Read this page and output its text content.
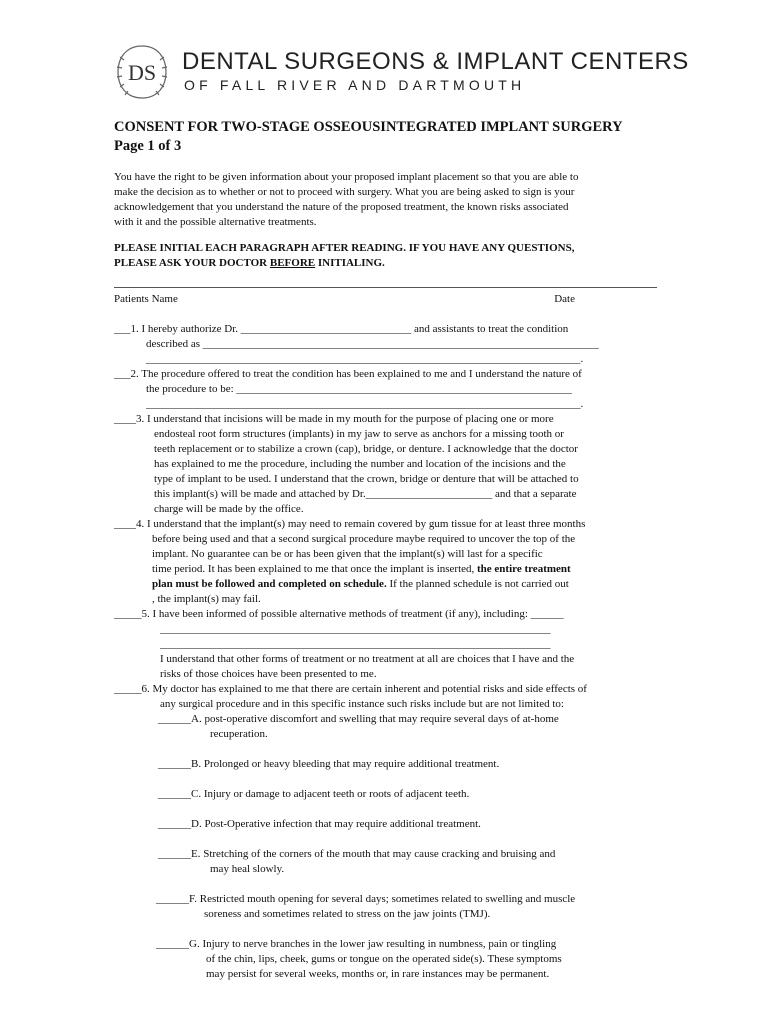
DS DENTAL SURGEONS & IMPLANT CENTERS
OF FALL RIVER AND DARTMOUTH
CONSENT FOR TWO-STAGE OSSEOUSINTEGRATED IMPLANT SURGERY
Page 1 of 3
You have the right to be given information about your proposed implant placement so that you are able to
make the decision as to whether or not to proceed with surgery. What you are being asked to sign is your
acknowledgement that you understand the nature of the proposed treatment, the known risks associated
with it and the possible alternative treatments.
PLEASE INITIAL EACH PARAGRAPH AFTER READING. IF YOU HAVE ANY QUESTIONS,
PLEASE ASK YOUR DOCTOR BEFORE INITIALING.
Patients Name	Date
___1. I hereby authorize Dr. _______________________________ and assistants to treat the condition
described as ________________________________________________________________________
_______________________________________________________________________________.
___2. The procedure offered to treat the condition has been explained to me and I understand the nature of
the procedure to be: _____________________________________________________________
_______________________________________________________________________________.
____3. I understand that incisions will be made in my mouth for the purpose of placing one or more
endosteal root form structures (implants) in my jaw to serve as anchors for a missing tooth or
teeth replacement or to stabilize a crown (cap), bridge, or denture. I acknowledge that the doctor
has explained to me the procedure, including the number and location of the incisions and the
type of implant to be used. I understand that the crown, bridge or denture that will be attached to
this implant(s) will be made and attached by Dr._______________________ and that a separate
charge will be made by the office.
____4. I understand that the implant(s) may need to remain covered by gum tissue for at least three months
before being used and that a second surgical procedure maybe required to uncover the top of the
implant. No guarantee can be or has been given that the implant(s) will last for a specific
time period. It has been explained to me that once the implant is inserted, the entire treatment
plan must be followed and completed on schedule. If the planned schedule is not carried out
, the implant(s) may fail.
_____5. I have been informed of possible alternative methods of treatment (if any), including: ______
_______________________________________________________________________
_______________________________________________________________________
I understand that other forms of treatment or no treatment at all are choices that I have and the
risks of those choices have been presented to me.
_____6. My doctor has explained to me that there are certain inherent and potential risks and side effects of
any surgical procedure and in this specific instance such risks include but are not limited to:
______A. post-operative discomfort and swelling that may require several days of at-home
recuperation.
______B. Prolonged or heavy bleeding that may require additional treatment.
______C. Injury or damage to adjacent teeth or roots of adjacent teeth.
______D. Post-Operative infection that may require additional treatment.
______E. Stretching of the corners of the mouth that may cause cracking and bruising and
may heal slowly.
______F. Restricted mouth opening for several days; sometimes related to swelling and muscle
soreness and sometimes related to stress on the jaw joints (TMJ).
______G. Injury to nerve branches in the lower jaw resulting in numbness, pain or tingling
of the chin, lips, cheek, gums or tongue on the operated side(s). These symptoms
may persist for several weeks, months or, in rare instances may be permanent.
